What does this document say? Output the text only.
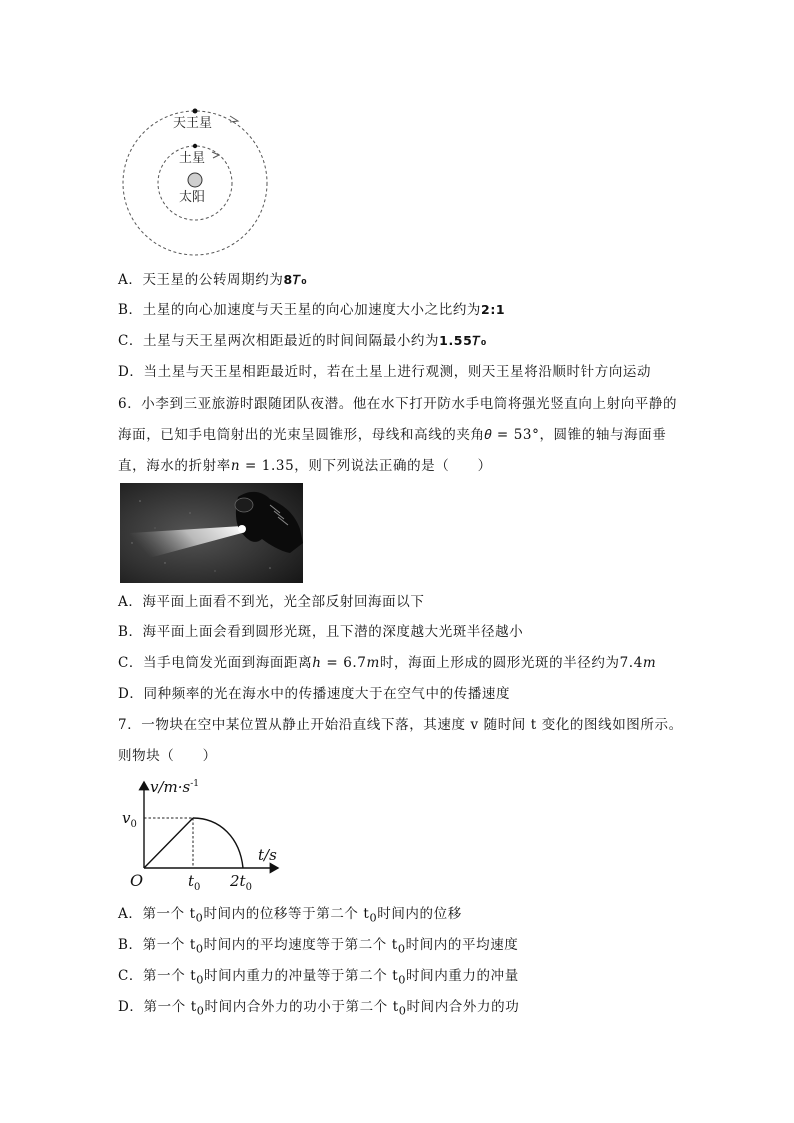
天王星
土星
太阳
A．天王星的公转周期约为8𝑇₀
B．土星的向心加速度与天王星的向心加速度大小之比约为2:1
C．土星与天王星两次相距最近的时间间隔最小约为1.55𝑇₀
D．当土星与天王星相距最近时，若在土星上进行观测，则天王星将沿顺时针方向运动
6．小李到三亚旅游时跟随团队夜潜。他在水下打开防水手电筒将强光竖直向上射向平静的
海面，已知手电筒射出的光束呈圆锥形，母线和高线的夹角𝜃 = 53°，圆锥的轴与海面垂
直，海水的折射率𝑛 = 1.35，则下列说法正确的是（　　）
A．海平面上面看不到光，光全部反射回海面以下
B．海平面上面会看到圆形光斑，且下潜的深度越大光斑半径越小
C．当手电筒发光面到海面距离ℎ = 6.7𝑚时，海面上形成的圆形光斑的半径约为7.4𝑚
D．同种频率的光在海水中的传播速度大于在空气中的传播速度
7．一物块在空中某位置从静止开始沿直线下落，其速度 v 随时间 t 变化的图线如图所示。
则物块（　　）
$v/m\cdot s^{-1}$
$v_0$
t/s
O	$t_0$ $2t_0$
A．第一个 $t_0$时间内的位移等于第二个 $t_0$时间内的位移
B．第一个 $t_0$时间内的平均速度等于第二个 $t_0$时间内的平均速度
C．第一个 $t_0$时间内重力的冲量等于第二个 $t_0$时间内重力的冲量
D．第一个 $t_0$时间内合外力的功小于第二个 $t_0$时间内合外力的功
